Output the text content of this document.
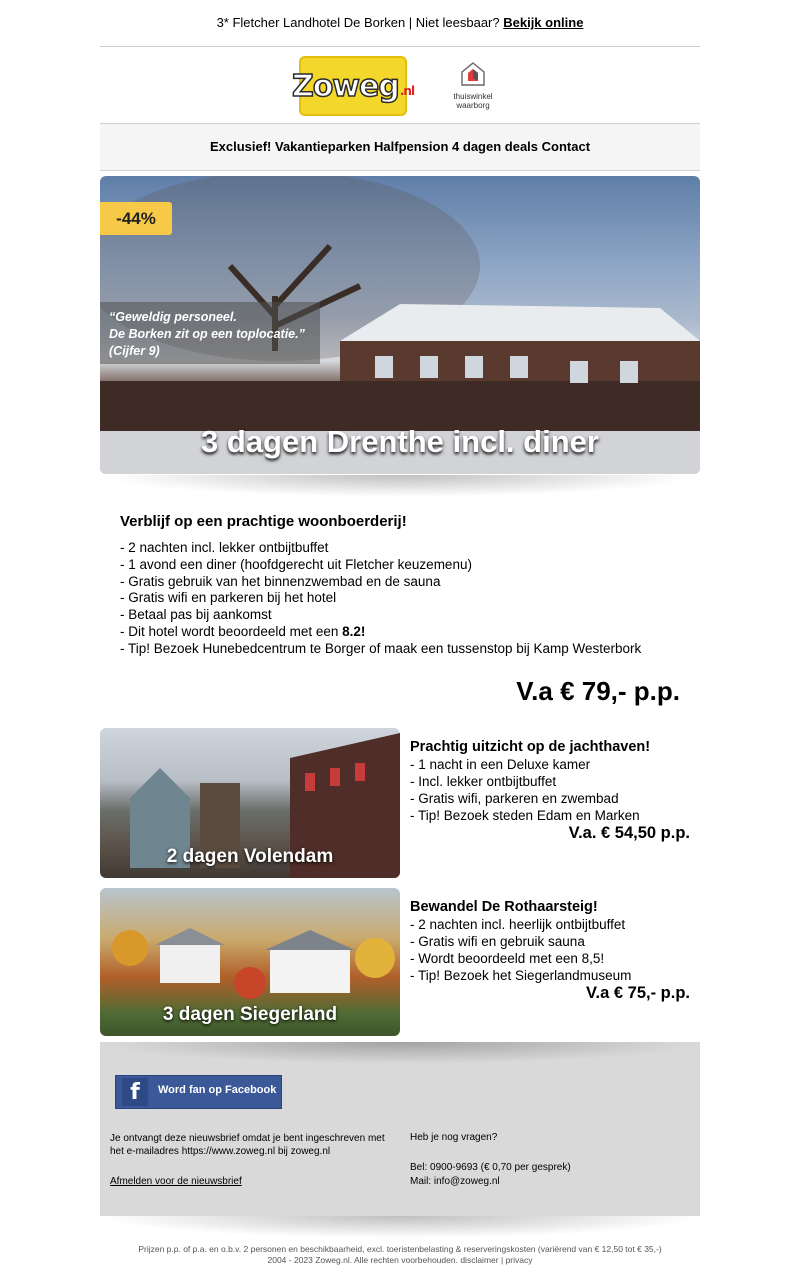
3* Fletcher Landhotel De Borken | Niet leesbaar? Bekijk online
Zoweg .nl	thuiswinkel
waarborg
Exclusief! Vakantieparken Halfpension 4 dagen deals Contact
-44%
“Geweldig personeel.
De Borken zit op een toplocatie.”
(Cijfer 9)
3 dagen Drenthe incl. diner
Verblijf op een prachtige woonboerderij!
- 2 nachten incl. lekker ontbijtbuffet
- 1 avond een diner (hoofdgerecht uit Fletcher keuzemenu)
- Gratis gebruik van het binnenzwembad en de sauna
- Gratis wifi en parkeren bij het hotel
- Betaal pas bij aankomst
- Dit hotel wordt beoordeeld met een 8.2!
- Tip! Bezoek Hunebedcentrum te Borger of maak een tussenstop bij Kamp Westerbork
V.a € 79,- p.p.
2 dagen Volendam
Prachtig uitzicht op de jachthaven!
- 1 nacht in een Deluxe kamer
- Incl. lekker ontbijtbuffet
- Gratis wifi, parkeren en zwembad
- Tip! Bezoek steden Edam en Marken
V.a. € 54,50 p.p.
3 dagen Siegerland
Bewandel De Rothaarsteig!
- 2 nachten incl. heerlijk ontbijtbuffet
- Gratis wifi en gebruik sauna
- Wordt beoordeeld met een 8,5!
- Tip! Bezoek het Siegerlandmuseum
V.a € 75,- p.p.
f	Word fan op Facebook
Je ontvangt deze nieuwsbrief omdat je bent ingeschreven met het e-mailadres https://www.zoweg.nl bij zoweg.nl
Afmelden voor de nieuwsbrief
Heb je nog vragen?
Bel: 0900-9693 (€ 0,70 per gesprek)
Mail: info@zoweg.nl
Prijzen p.p. of p.a. en o.b.v. 2 personen en beschikbaarheid, excl. toeristenbelasting & reserveringskosten (variërend van € 12,50 tot € 35,-)
2004 - 2023 Zoweg.nl. Alle rechten voorbehouden. disclaimer | privacy
